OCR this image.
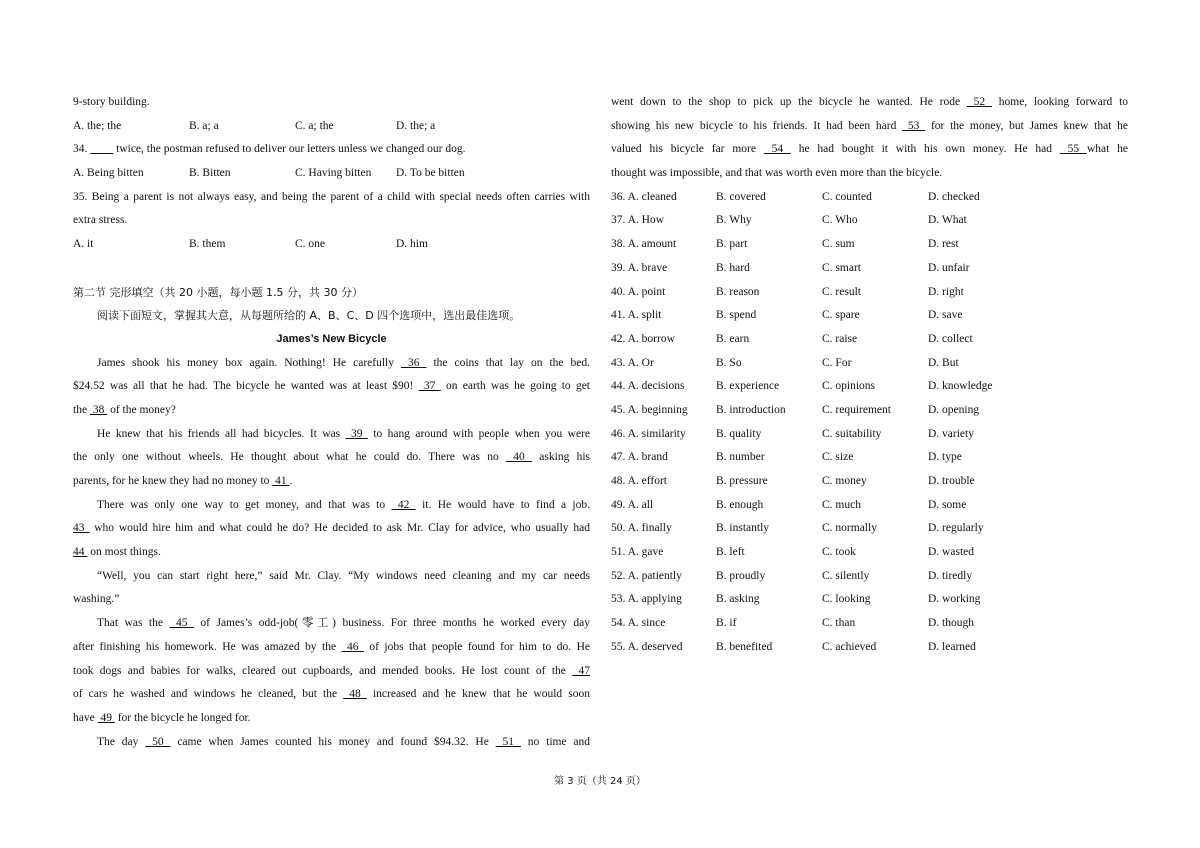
9-story building.
A. the; the	B. a; a	C. a; the	D. the; a
34. ____ twice, the postman refused to deliver our letters unless we changed our dog.
A. Being bitten	B. Bitten	C. Having bitten	D. To be bitten
35. Being a parent is not always easy, and being the parent of a child with special needs often carries with
extra stress.
A. it	B. them	C. one	D. him
第二节 完形填空（共 20 小题，每小题 1.5 分，共 30 分）
阅读下面短文，掌握其大意，从每题所给的 A、B、C、D 四个选项中，选出最佳选项。
James’s New Bicycle
James shook his money box again. Nothing! He carefully  36  the coins that lay on the bed.
$24.52 was all that he had. The bicycle he wanted was at least $90!  37  on earth was he going to get
the  38  of the money?
He knew that his friends all had bicycles. It was  39  to hang around with people when you were
the only one without wheels. He thought about what he could do. There was no  40  asking his
parents, for he knew they had no money to  41 .
There was only one way to get money, and that was to  42  it. He would have to find a job.
43  who would hire him and what could he do? He decided to ask Mr. Clay for advice, who usually had
44  on most things.
“Well, you can start right here,” said Mr. Clay. “My windows need cleaning and my car needs
washing.”
That was the  45  of James’s odd-job(零工) business. For three months he worked every day
after finishing his homework. He was amazed by the  46  of jobs that people found for him to do. He
took dogs and babies for walks, cleared out cupboards, and mended books. He lost count of the  47
of cars he washed and windows he cleaned, but the  48  increased and he knew that he would soon
have  49  for the bicycle he longed for.
The day  50  came when James counted his money and found $94.32. He  51  no time and
went down to the shop to pick up the bicycle he wanted. He rode  52  home, looking forward to
showing his new bicycle to his friends. It had been hard  53  for the money, but James knew that he
valued his bicycle far more  54  he had bought it with his own money. He had  55 what he
thought was impossible, and that was worth even more than the bicycle.
36. A. cleaned	B. covered	C. counted	D. checked
37. A. How	B. Why	C. Who	D. What
38. A. amount	B. part	C. sum	D. rest
39. A. brave	B. hard	C. smart	D. unfair
40. A. point	B. reason	C. result	D. right
41. A. split	B. spend	C. spare	D. save
42. A. borrow	B. earn	C. raise	D. collect
43. A. Or	B. So	C. For	D. But
44. A. decisions	B. experience	C. opinions	D. knowledge
45. A. beginning	B. introduction	C. requirement	D. opening
46. A. similarity	B. quality	C. suitability	D. variety
47. A. brand	B. number	C. size	D. type
48. A. effort	B. pressure	C. money	D. trouble
49. A. all	B. enough	C. much	D. some
50. A. finally	B. instantly	C. normally	D. regularly
51. A. gave	B. left	C. took	D. wasted
52. A. patiently	B. proudly	C. silently	D. tiredly
53. A. applying	B. asking	C. looking	D. working
54. A. since	B. if	C. than	D. though
55. A. deserved	B. benefited	C. achieved	D. learned
第 3 页（共 24 页）
